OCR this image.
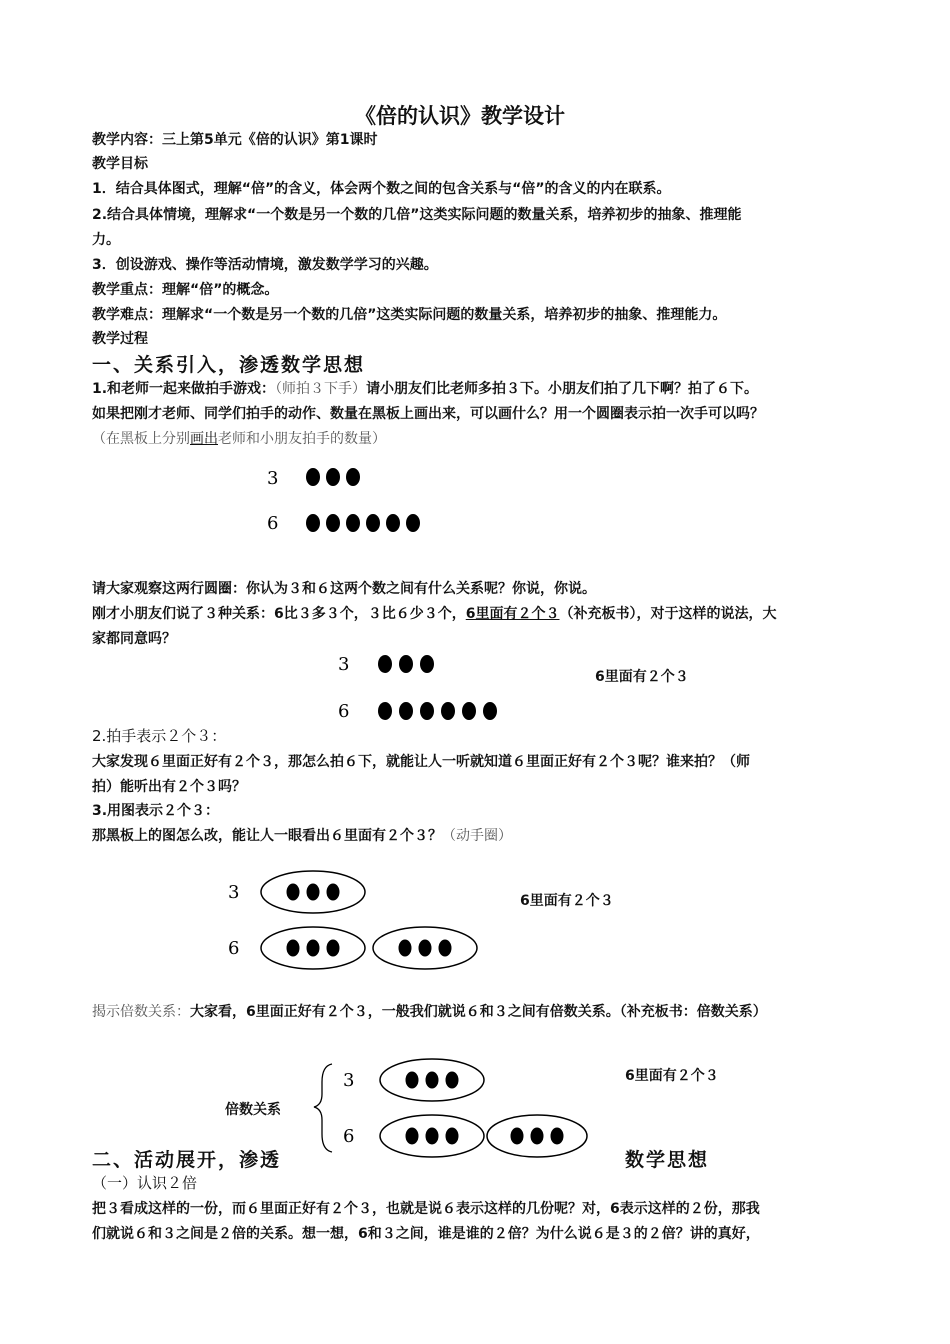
《倍的认识》教学设计
教学内容：三上第5单元《倍的认识》第1课时
教学目标
1．结合具体图式，理解“倍”的含义，体会两个数之间的包含关系与“倍”的含义的内在联系。
2.结合具体情境，理解求“一个数是另一个数的几倍”这类实际问题的数量关系，培养初步的抽象、推理能
力。
3．创设游戏、操作等活动情境，激发数学学习的兴趣。
教学重点：理解“倍”的概念。
教学难点：理解求“一个数是另一个数的几倍”这类实际问题的数量关系，培养初步的抽象、推理能力。
教学过程
一、关系引入，渗透数学思想
1.和老师一起来做拍手游戏：（师拍３下手）请小朋友们比老师多拍３下。小朋友们拍了几下啊？拍了６下。
如果把刚才老师、同学们拍手的动作、数量在黑板上画出来，可以画什么？用一个圆圈表示拍一次手可以吗？
（在黑板上分别画出老师和小朋友拍手的数量）
3
6
请大家观察这两行圆圈：你认为３和６这两个数之间有什么关系呢？你说，你说。
刚才小朋友们说了３种关系：6比３多３个，３比６少３个，6里面有２个３（补充板书），对于这样的说法，大
家都同意吗？
3
6
6里面有２个３
2.拍手表示２个３：
大家发现６里面正好有２个３，那怎么拍６下，就能让人一听就知道６里面正好有２个３呢？谁来拍？（师
拍）能听出有２个３吗？
3.用图表示２个３：
那黑板上的图怎么改，能让人一眼看出６里面有２个３？（动手圈）
3
6
6里面有２个３
揭示倍数关系：大家看，6里面正好有２个３，一般我们就说６和３之间有倍数关系。（补充板书：倍数关系）
倍数关系
3
6
6里面有２个３
二、活动展开，渗透	数学思想
（一）认识２倍
把３看成这样的一份，而６里面正好有２个３，也就是说６表示这样的几份呢？对，6表示这样的２份，那我
们就说６和３之间是２倍的关系。想一想，6和３之间，谁是谁的２倍？为什么说６是３的２倍？讲的真好，
